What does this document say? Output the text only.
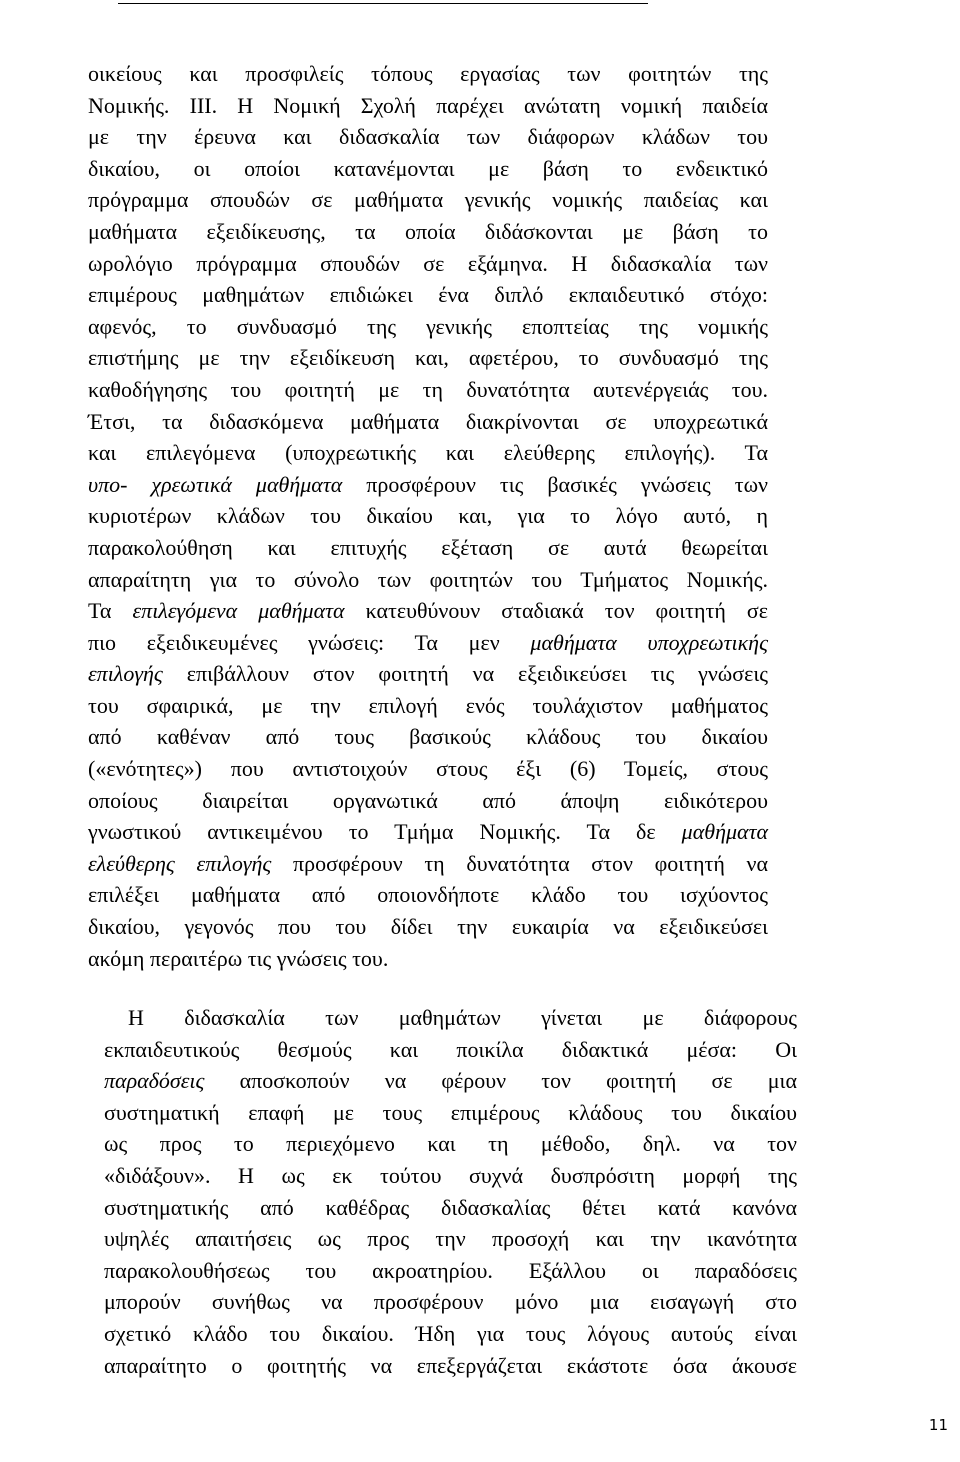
οικείους και προσφιλείς τόπους εργασίας των φοιτητών της
Νομικής. ΙΙΙ. Η Νομική Σχολή παρέχει ανώτατη νομική παιδεία
με την έρευνα και διδασκαλία των διάφορων κλάδων του
δικαίου, οι οποίοι κατανέμονται με βάση το ενδεικτικό
πρόγραμμα σπουδών σε μαθήματα γενικής νομικής παιδείας και
μαθήματα εξειδίκευσης, τα οποία διδάσκονται με βάση το
ωρολόγιο πρόγραμμα σπουδών σε εξάμηνα. Η διδασκαλία των
επιμέρους μαθημάτων επιδιώκει ένα διπλό εκπαιδευτικό στόχο:
αφενός, το συνδυασμό της γενικής εποπτείας της νομικής
επιστήμης με την εξειδίκευση και, αφετέρου, το συνδυασμό της
καθοδήγησης του φοιτητή με τη δυνατότητα αυτενέργειάς του.
Έτσι, τα διδασκόμενα μαθήματα διακρίνονται σε υποχρεωτικά
και επιλεγόμενα (υποχρεωτικής και ελεύθερης επιλογής). Τα
υπο- χρεωτικά μαθήματα προσφέρουν τις βασικές γνώσεις των
κυριοτέρων κλάδων του δικαίου και, για το λόγο αυτό, η
παρακολούθηση και επιτυχής εξέταση σε αυτά θεωρείται
απαραίτητη για το σύνολο των φοιτητών του Τμήματος Νομικής.
Τα επιλεγόμενα μαθήματα κατευθύνουν σταδιακά τον φοιτητή σε
πιο εξειδικευμένες γνώσεις: Τα μεν μαθήματα υποχρεωτικής
επιλογής επιβάλλουν στον φοιτητή να εξειδικεύσει τις γνώσεις
του σφαιρικά, με την επιλογή ενός τουλάχιστον μαθήματος
από καθέναν από τους βασικούς κλάδους του δικαίου
(«ενότητες») που αντιστοιχούν στους έξι (6) Τομείς, στους
οποίους διαιρείται οργανωτικά από άποψη ειδικότερου
γνωστικού αντικειμένου το Τμήμα Νομικής. Τα δε μαθήματα
ελεύθερης επιλογής προσφέρουν τη δυνατότητα στον φοιτητή να
επιλέξει μαθήματα από οποιονδήποτε κλάδο του ισχύοντος
δικαίου, γεγονός που του δίδει την ευκαιρία να εξειδικεύσει
ακόμη περαιτέρω τις γνώσεις του.
Η διδασκαλία των μαθημάτων γίνεται με διάφορους
εκπαιδευτικούς θεσμούς και ποικίλα διδακτικά μέσα: Οι
παραδόσεις αποσκοπούν να φέρουν τον φοιτητή σε μια
συστηματική επαφή με τους επιμέρους κλάδους του δικαίου
ως προς το περιεχόμενο και τη μέθοδο, δηλ. να τον
«διδάξουν». Η ως εκ τούτου συχνά δυσπρόσιτη μορφή της
συστηματικής από καθέδρας διδασκαλίας θέτει κατά κανόνα
υψηλές απαιτήσεις ως προς την προσοχή και την ικανότητα
παρακολουθήσεως του ακροατηρίου. Εξάλλου οι παραδόσεις
μπορούν συνήθως να προσφέρουν μόνο μια εισαγωγή στο
σχετικό κλάδο του δικαίου. Ήδη για τους λόγους αυτούς είναι
απαραίτητο ο φοιτητής να επεξεργάζεται εκάστοτε όσα άκουσε
11
